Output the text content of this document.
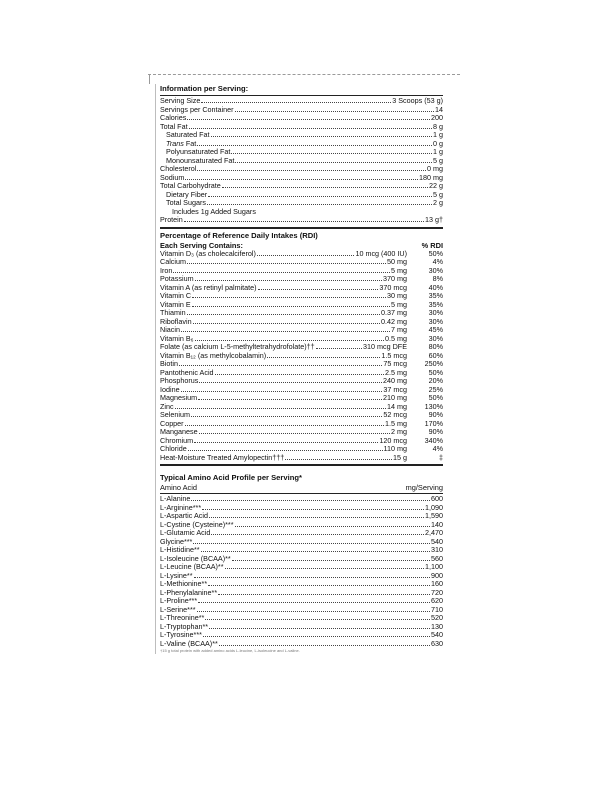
Information per Serving:
Serving Size	3 Scoops (53 g)
Servings per Container	14
Calories	200
Total Fat	8 g
Saturated Fat	1 g
Trans Fat	0 g
Polyunsaturated Fat	1 g
Monounsaturated Fat	5 g
Cholesterol	0 mg
Sodium	180 mg
Total Carbohydrate	22 g
Dietary Fiber	5 g
Total Sugars	2 g
Includes 1g Added Sugars
Protein	13 g†
Percentage of Reference Daily Intakes (RDI)
Each Serving Contains:	% RDI
Vitamin D₃ (as cholecalciferol)	10 mcg (400 IU)	50%
Calcium	50 mg	4%
Iron	5 mg	30%
Potassium	370 mg	8%
Vitamin A (as retinyl palmitate)	370 mcg	40%
Vitamin C	30 mg	35%
Vitamin E	5 mg	35%
Thiamin	0.37 mg	30%
Riboflavin	0.42 mg	30%
Niacin	7 mg	45%
Vitamin B₆	0.5 mg	30%
Folate (as calcium L-5-methyltetrahydrofolate)††	310 mcg DFE	80%
Vitamin B₁₂ (as methylcobalamin)	1.5 mcg	60%
Biotin	75 mcg	250%
Pantothenic Acid	2.5 mg	50%
Phosphorus	240 mg	20%
Iodine	37 mcg	25%
Magnesium	210 mg	50%
Zinc	14 mg	130%
Selenium	52 mcg	90%
Copper	1.5 mg	170%
Manganese	2 mg	90%
Chromium	120 mcg	340%
Chloride	110 mg	4%
Heat-Moisture Treated Amylopectin†††	15 g	‡
Typical Amino Acid Profile per Serving*
Amino Acid	mg/Serving
L-Alanine	600
L-Arginine***	1,090
L-Aspartic Acid	1,590
L-Cystine (Cysteine)***	140
L-Glutamic Acid	2,470
Glycine***	540
L-Histidine**	310
L-Isoleucine (BCAA)**	560
L-Leucine (BCAA)**	1,100
L-Lysine**	900
L-Methionine**	160
L-Phenylalanine**	720
L-Proline***	620
L-Serine***	710
L-Threonine**	520
L-Tryptophan**	130
L-Tyrosine***	540
L-Valine (BCAA)**	630
†15 g total protein with added amino acids L-leucine, L-isoleucine and L-valine.
